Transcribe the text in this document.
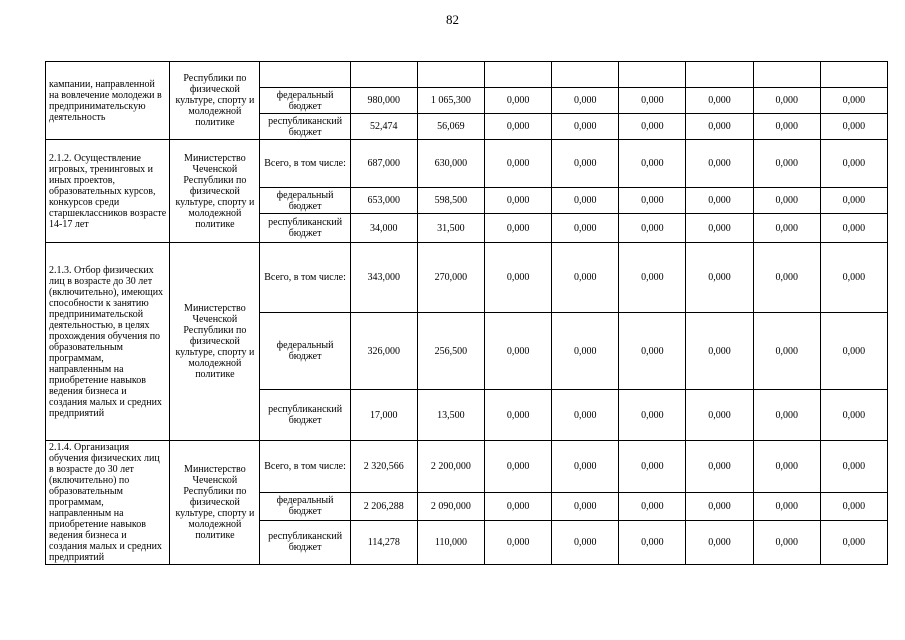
82
кампании, направленной на вовлечение молодежи в предпринимательскую деятельность	Республики по физической культуре, спорту и молодежной политике									
		федеральный бюджет	980,000	1 065,300	0,000	0,000	0,000	0,000	0,000	0,000
		республиканский бюджет	52,474	56,069	0,000	0,000	0,000	0,000	0,000	0,000
2.1.2. Осуществление игровых, тренинговых и иных проектов, образовательных курсов, конкурсов среди старшеклассников возрасте 14-17 лет	Министерство Чеченской Республики по физической культуре, спорту и молодежной политике	Всего, в том числе:	687,000	630,000	0,000	0,000	0,000	0,000	0,000	0,000
		федеральный бюджет	653,000	598,500	0,000	0,000	0,000	0,000	0,000	0,000
		республиканский бюджет	34,000	31,500	0,000	0,000	0,000	0,000	0,000	0,000
2.1.3. Отбор физических лиц в возрасте до 30 лет (включительно), имеющих способности к занятию предпринимательской деятельностью, в целях прохождения обучения по образовательным программам, направленным на приобретение навыков ведения бизнеса и создания малых и средних предприятий	Министерство Чеченской Республики по физической культуре, спорту и молодежной политике	Всего, в том числе:	343,000	270,000	0,000	0,000	0,000	0,000	0,000	0,000
		федеральный бюджет	326,000	256,500	0,000	0,000	0,000	0,000	0,000	0,000
		республиканский бюджет	17,000	13,500	0,000	0,000	0,000	0,000	0,000	0,000
2.1.4. Организация обучения физических лиц в возрасте до 30 лет (включительно) по образовательным программам, направленным на приобретение навыков ведения бизнеса и создания малых и средних предприятий	Министерство Чеченской Республики по физической культуре, спорту и молодежной политике	Всего, в том числе:	2 320,566	2 200,000	0,000	0,000	0,000	0,000	0,000	0,000
		федеральный бюджет	2 206,288	2 090,000	0,000	0,000	0,000	0,000	0,000	0,000
		республиканский бюджет	114,278	110,000	0,000	0,000	0,000	0,000	0,000	0,000
